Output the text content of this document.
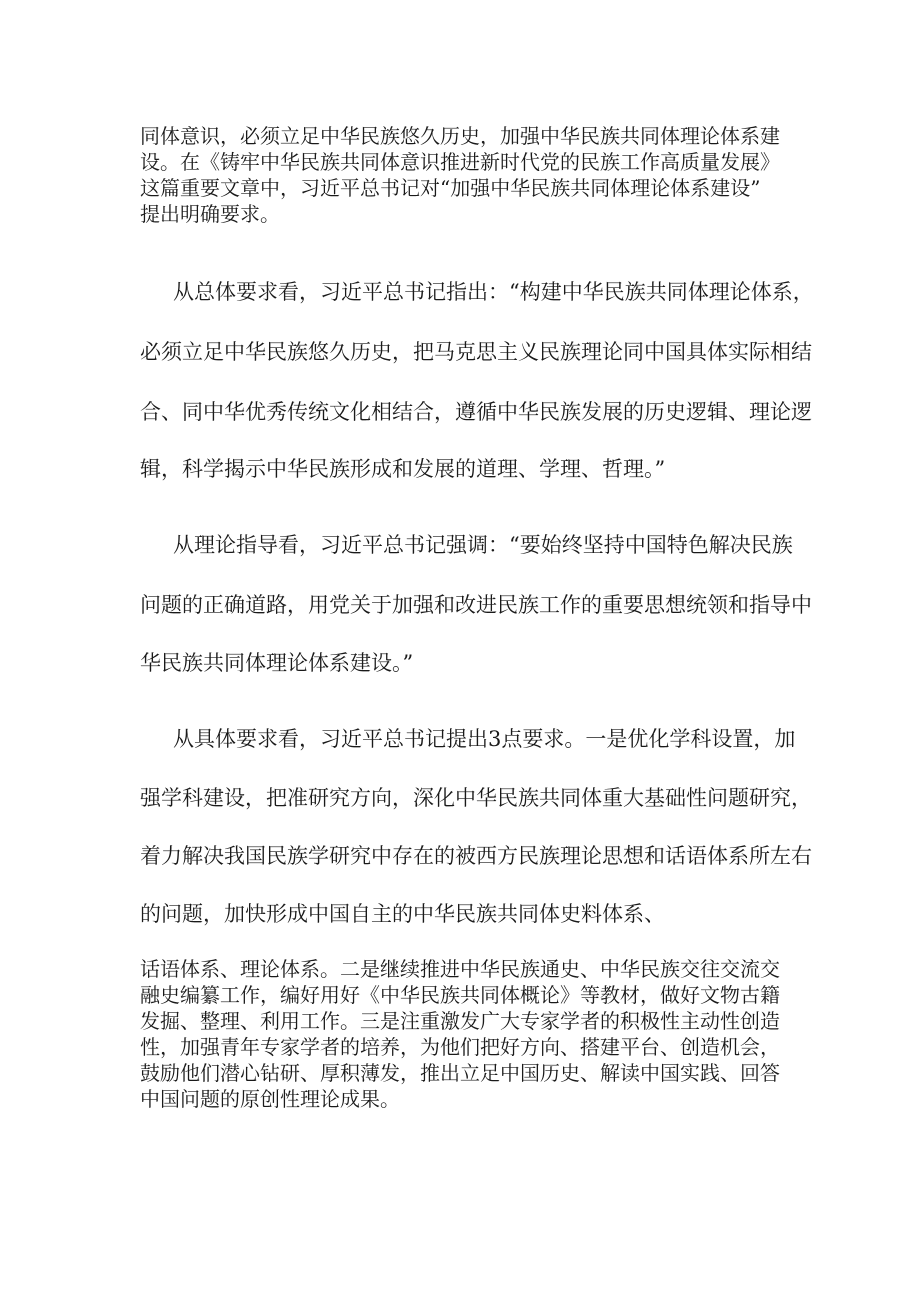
同体意识，必须立足中华民族悠久历史，加强中华民族共同体理论体系建
设。在《铸牢中华民族共同体意识推进新时代党的民族工作高质量发展》
这篇重要文章中，习近平总书记对“加强中华民族共同体理论体系建设”
提出明确要求。
从总体要求看，习近平总书记指出：“构建中华民族共同体理论体系，
必须立足中华民族悠久历史，把马克思主义民族理论同中国具体实际相结
合、同中华优秀传统文化相结合，遵循中华民族发展的历史逻辑、理论逻
辑，科学揭示中华民族形成和发展的道理、学理、哲理。”
从理论指导看，习近平总书记强调：“要始终坚持中国特色解决民族
问题的正确道路，用党关于加强和改进民族工作的重要思想统领和指导中
华民族共同体理论体系建设。”
从具体要求看，习近平总书记提出3点要求。一是优化学科设置，加
强学科建设，把准研究方向，深化中华民族共同体重大基础性问题研究，
着力解决我国民族学研究中存在的被西方民族理论思想和话语体系所左右
的问题，加快形成中国自主的中华民族共同体史料体系、
话语体系、理论体系。二是继续推进中华民族通史、中华民族交往交流交
融史编纂工作，编好用好《中华民族共同体概论》等教材，做好文物古籍
发掘、整理、利用工作。三是注重激发广大专家学者的积极性主动性创造
性，加强青年专家学者的培养，为他们把好方向、搭建平台、创造机会，
鼓励他们潜心钻研、厚积薄发，推出立足中国历史、解读中国实践、回答
中国问题的原创性理论成果。
